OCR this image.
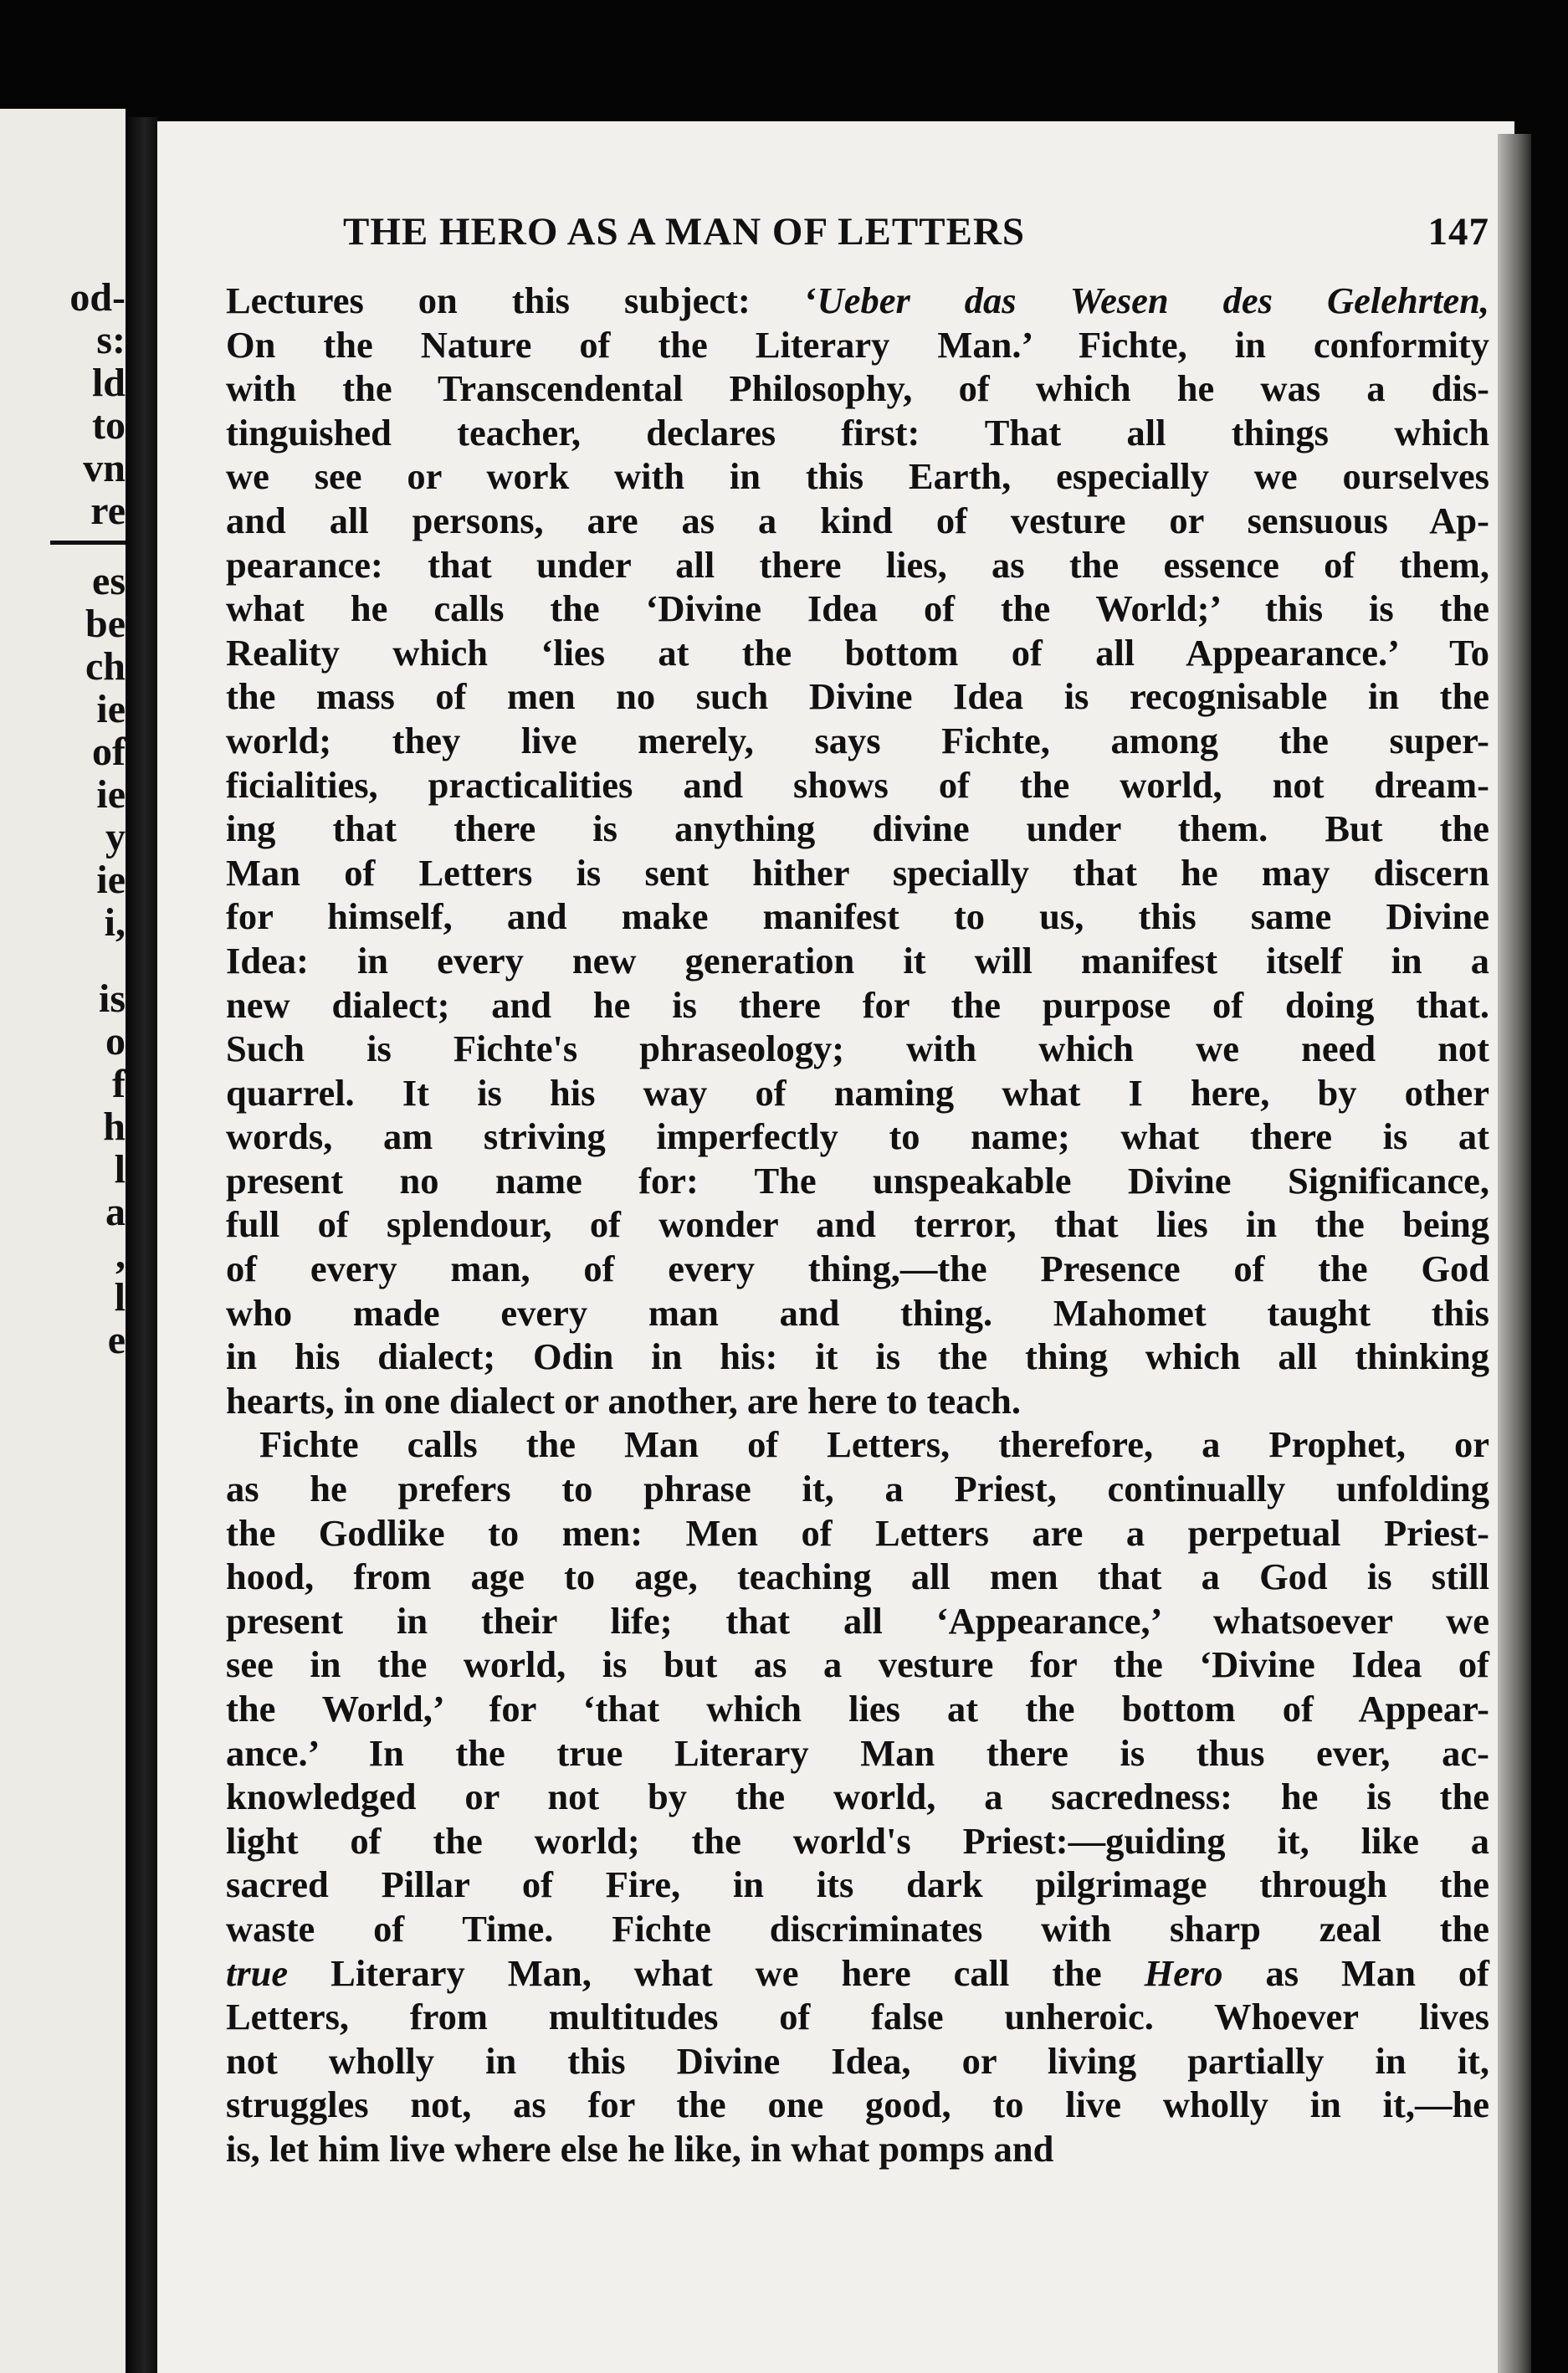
od-
s:
ld
to
vn
re
es
be
ch
ie
of
ie
y
ie
i,
is
o
f
h
l
a
,
l
e
THE HERO AS A MAN OF LETTERS	147
Lectures on this subject: ‘Ueber das Wesen des Gelehrten,
On the Nature of the Literary Man.’ Fichte, in conformity
with the Transcendental Philosophy, of which he was a dis-
tinguished teacher, declares first: That all things which
we see or work with in this Earth, especially we ourselves
and all persons, are as a kind of vesture or sensuous Ap-
pearance: that under all there lies, as the essence of them,
what he calls the ‘Divine Idea of the World;’ this is the
Reality which ‘lies at the bottom of all Appearance.’ To
the mass of men no such Divine Idea is recognisable in the
world; they live merely, says Fichte, among the super-
ficialities, practicalities and shows of the world, not dream-
ing that there is anything divine under them. But the
Man of Letters is sent hither specially that he may discern
for himself, and make manifest to us, this same Divine
Idea: in every new generation it will manifest itself in a
new dialect; and he is there for the purpose of doing that.
Such is Fichte's phraseology; with which we need not
quarrel. It is his way of naming what I here, by other
words, am striving imperfectly to name; what there is at
present no name for: The unspeakable Divine Significance,
full of splendour, of wonder and terror, that lies in the being
of every man, of every thing,—the Presence of the God
who made every man and thing. Mahomet taught this
in his dialect; Odin in his: it is the thing which all thinking
hearts, in one dialect or another, are here to teach.
Fichte calls the Man of Letters, therefore, a Prophet, or
as he prefers to phrase it, a Priest, continually unfolding
the Godlike to men: Men of Letters are a perpetual Priest-
hood, from age to age, teaching all men that a God is still
present in their life; that all ‘Appearance,’ whatsoever we
see in the world, is but as a vesture for the ‘Divine Idea of
the World,’ for ‘that which lies at the bottom of Appear-
ance.’ In the true Literary Man there is thus ever, ac-
knowledged or not by the world, a sacredness: he is the
light of the world; the world's Priest:—guiding it, like a
sacred Pillar of Fire, in its dark pilgrimage through the
waste of Time. Fichte discriminates with sharp zeal the
true Literary Man, what we here call the Hero as Man of
Letters, from multitudes of false unheroic. Whoever lives
not wholly in this Divine Idea, or living partially in it,
struggles not, as for the one good, to live wholly in it,—he
is, let him live where else he like, in what pomps and
